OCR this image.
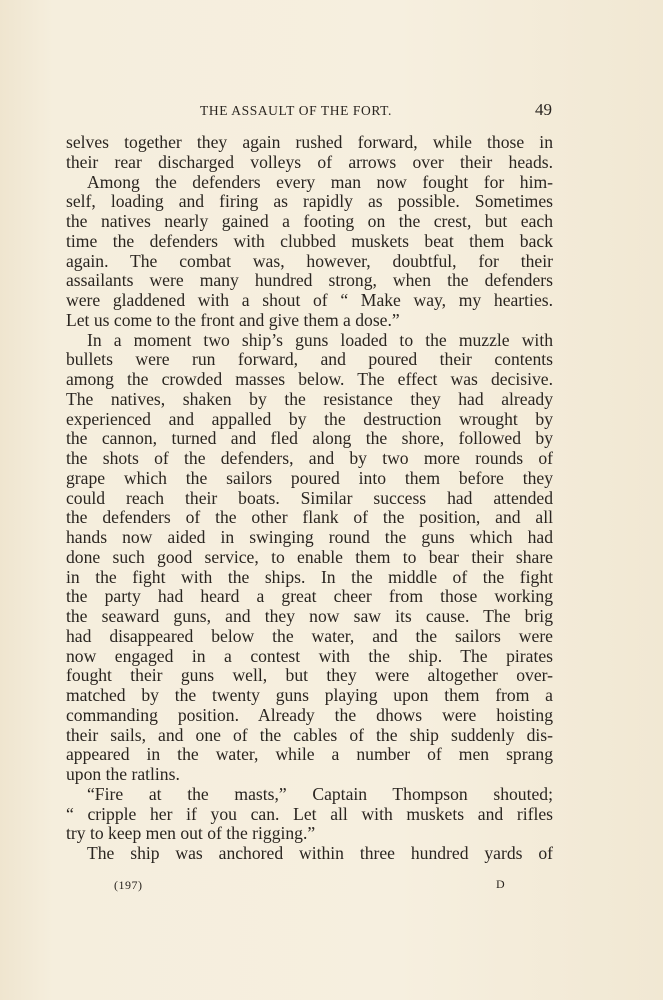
THE ASSAULT OF THE FORT.	49
selves together they again rushed forward, while those in
their rear discharged volleys of arrows over their heads.
Among the defenders every man now fought for him-
self, loading and firing as rapidly as possible. Sometimes
the natives nearly gained a footing on the crest, but each
time the defenders with clubbed muskets beat them back
again. The combat was, however, doubtful, for their
assailants were many hundred strong, when the defenders
were gladdened with a shout of “ Make way, my hearties.
Let us come to the front and give them a dose.”
In a moment two ship’s guns loaded to the muzzle with
bullets were run forward, and poured their contents
among the crowded masses below. The effect was decisive.
The natives, shaken by the resistance they had already
experienced and appalled by the destruction wrought by
the cannon, turned and fled along the shore, followed by
the shots of the defenders, and by two more rounds of
grape which the sailors poured into them before they
could reach their boats. Similar success had attended
the defenders of the other flank of the position, and all
hands now aided in swinging round the guns which had
done such good service, to enable them to bear their share
in the fight with the ships. In the middle of the fight
the party had heard a great cheer from those working
the seaward guns, and they now saw its cause. The brig
had disappeared below the water, and the sailors were
now engaged in a contest with the ship. The pirates
fought their guns well, but they were altogether over-
matched by the twenty guns playing upon them from a
commanding position. Already the dhows were hoisting
their sails, and one of the cables of the ship suddenly dis-
appeared in the water, while a number of men sprang
upon the ratlins.
“Fire at the masts,” Captain Thompson shouted;
“ cripple her if you can. Let all with muskets and rifles
try to keep men out of the rigging.”
The ship was anchored within three hundred yards of
(197)	D
